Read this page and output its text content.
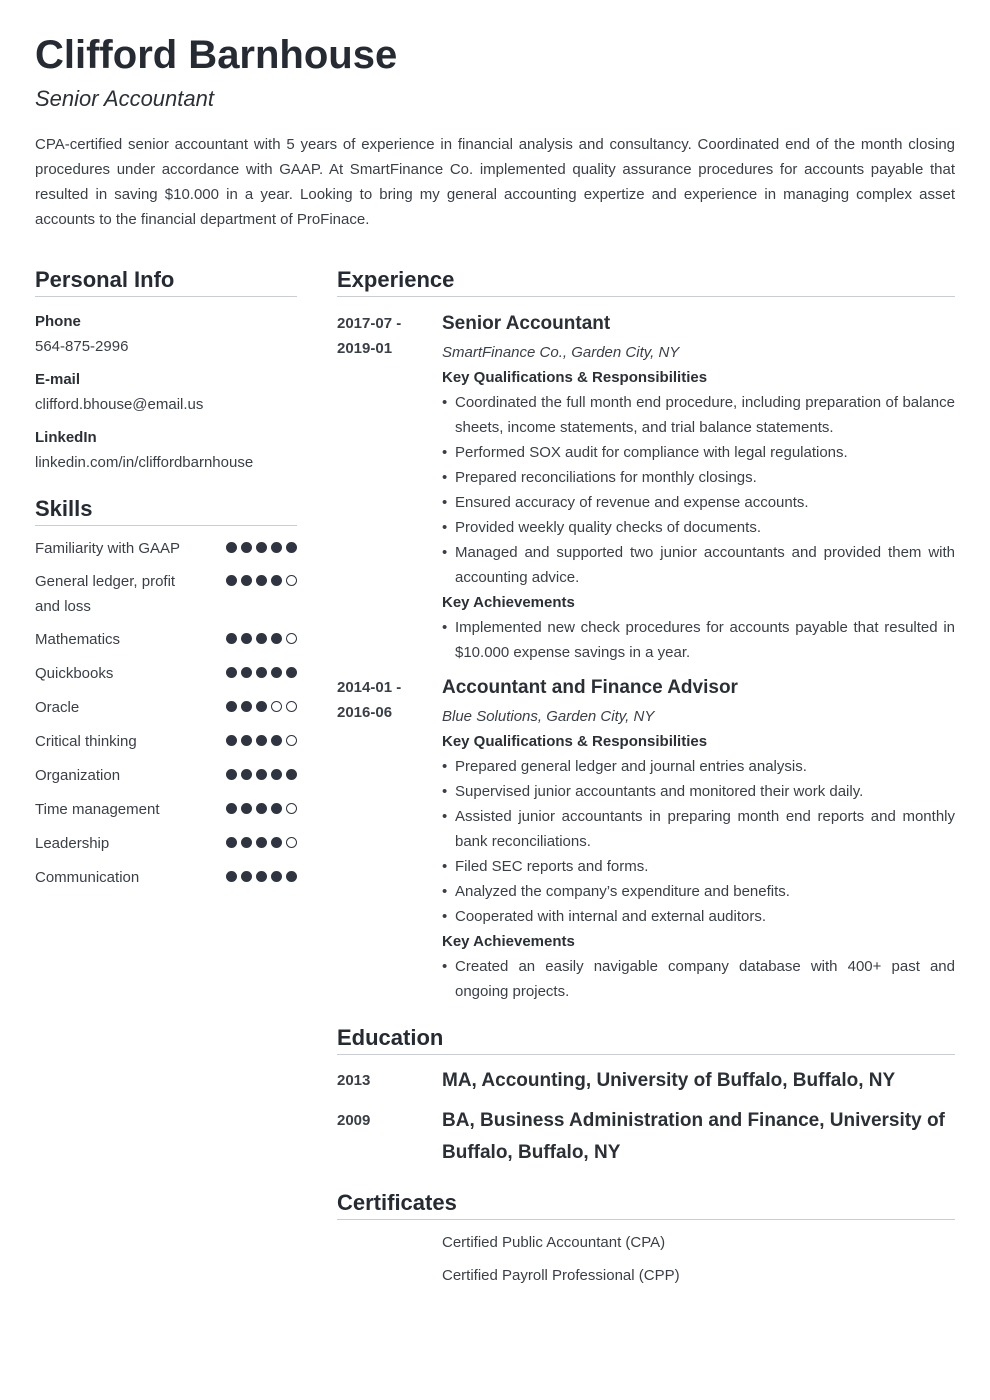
Clifford Barnhouse
Senior Accountant

CPA-certified senior accountant with 5 years of experience in financial analysis and consultancy. Coordinated end of the month closing procedures under accordance with GAAP. At SmartFinance Co. implemented quality assurance procedures for accounts payable that resulted in saving $10.000 in a year. Looking to bring my general accounting expertize and experience in managing complex asset accounts to the financial department of ProFinace.

Personal Info
Phone
564-875-2996
E-mail
clifford.bhouse@email.us
LinkedIn
linkedin.com/in/cliffordbarnhouse
Skills
Familiarity with GAAP
General ledger, profit and loss
Mathematics
Quickbooks
Oracle
Critical thinking
Organization
Time management
Leadership
Communication
Experience
2017-07 -
2019-01
Senior Accountant
SmartFinance Co., Garden City, NY
Key Qualifications & Responsibilities
• Coordinated the full month end procedure, including preparation of balance sheets, income statements, and trial balance statements.
• Performed SOX audit for compliance with legal regulations.
• Prepared reconciliations for monthly closings.
• Ensured accuracy of revenue and expense accounts.
• Provided weekly quality checks of documents.
• Managed and supported two junior accountants and provided them with accounting advice.
Key Achievements
• Implemented new check procedures for accounts payable that resulted in $10.000 expense savings in a year.
2014-01 -
2016-06
Accountant and Finance Advisor
Blue Solutions, Garden City, NY
Key Qualifications & Responsibilities
• Prepared general ledger and journal entries analysis.
• Supervised junior accountants and monitored their work daily.
• Assisted junior accountants in preparing month end reports and monthly bank reconciliations.
• Filed SEC reports and forms.
• Analyzed the company’s expenditure and benefits.
• Cooperated with internal and external auditors.
Key Achievements
• Created an easily navigable company database with 400+ past and ongoing projects.
Education
2013	MA, Accounting, University of Buffalo, Buffalo, NY
2009	BA, Business Administration and Finance, University of Buffalo, Buffalo, NY
Certificates
Certified Public Accountant (CPA)
Certified Payroll Professional (CPP)
